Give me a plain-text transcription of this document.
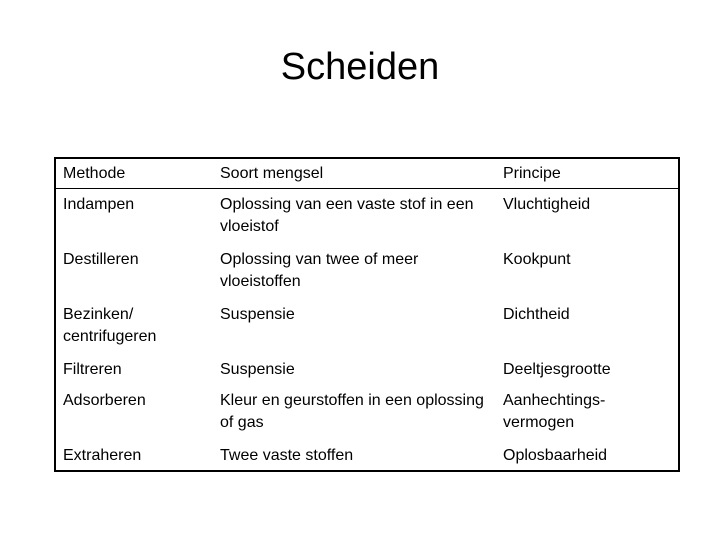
Scheiden
Methode	Soort mengsel	Principe
Indampen	Oplossing van een vaste stof in een vloeistof	Vluchtigheid
Destilleren	Oplossing van twee of meer vloeistoffen	Kookpunt
Bezinken/ centrifugeren	Suspensie	Dichtheid
Filtreren	Suspensie	Deeltjesgrootte
Adsorberen	Kleur en geurstoffen in een oplossing of gas	Aanhechtings-vermogen
Extraheren	Twee vaste stoffen	Oplosbaarheid
